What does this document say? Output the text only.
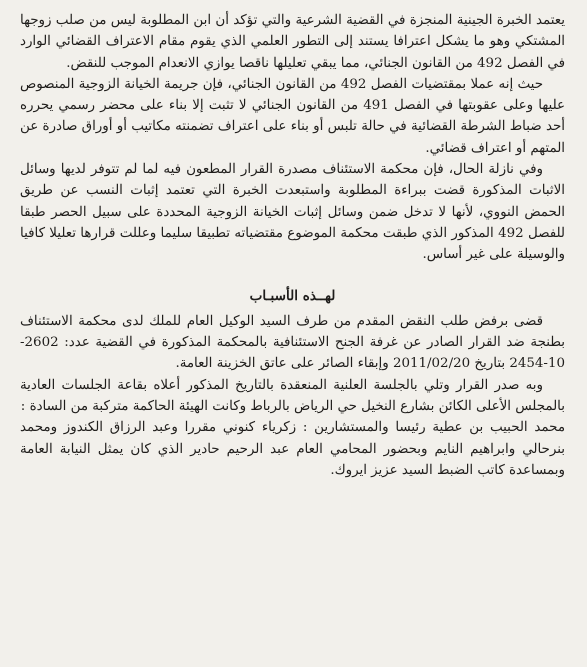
يعتمد الخبرة الجينية المنجزة في القضية الشرعية والتي تؤكد أن ابن المطلوبة ليس من صلب زوجها المشتكي وهو ما يشكل اعترافا يستند إلى التطور العلمي الذي يقوم مقام الاعتراف القضائي الوارد في الفصل 492 من القانون الجنائي، مما يبقي تعليلها ناقصا يوازي الانعدام الموجب للنقض.

حيث إنه عملا بمقتضيات الفصل 492 من القانون الجنائي، فإن جريمة الخيانة الزوجية المنصوص عليها وعلى عقوبتها في الفصل 491 من القانون الجنائي لا تثبت إلا بناء على محضر رسمي يحرره أحد ضباط الشرطة القضائية في حالة تلبس أو بناء على اعتراف تضمنته مكاتيب أو أوراق صادرة عن المتهم أو اعتراف قضائي.

وفي نازلة الحال، فإن محكمة الاستئناف مصدرة القرار المطعون فيه لما لم تتوفر لديها وسائل الاثبات المذكورة قضت ببراءة المطلوبة واستبعدت الخبرة التي تعتمد إثبات النسب عن طريق الحمض النووي، لأنها لا تدخل ضمن وسائل إثبات الخيانة الزوجية المحددة على سبيل الحصر طبقا للفصل 492 المذكور الذي طبقت محكمة الموضوع مقتضياته تطبيقا سليما وعللت قرارها تعليلا كافيا والوسيلة على غير أساس.

لهــذه الأسبـاب

قضى برفض طلب النقض المقدم من طرف السيد الوكيل العام للملك لدى محكمة الاستئناف بطنجة ضد القرار الصادر عن غرفة الجنح الاستئنافية بالمحكمة المذكورة في القضية عدد: 2602-10-2454 بتاريخ 2011/02/20 وإبقاء الصائر على عاتق الخزينة العامة.

وبه صدر القرار وتلي بالجلسة العلنية المنعقدة بالتاريخ المذكور أعلاه بقاعة الجلسات العادية بالمجلس الأعلى الكائن بشارع النخيل حي الرياض بالرباط وكانت الهيئة الحاكمة متركبة من السادة :

محمد الحبيب بن عطية رئيسا والمستشارين : زكرياء كنوني مقررا وعبد الرزاق الكندوز ومحمد بنرحالي وابراهيم النايم وبحضور المحامي العام عبد الرحيم حادير الذي كان يمثل النيابة العامة وبمساعدة كاتب الضبط السيد عزيز ايروك.
